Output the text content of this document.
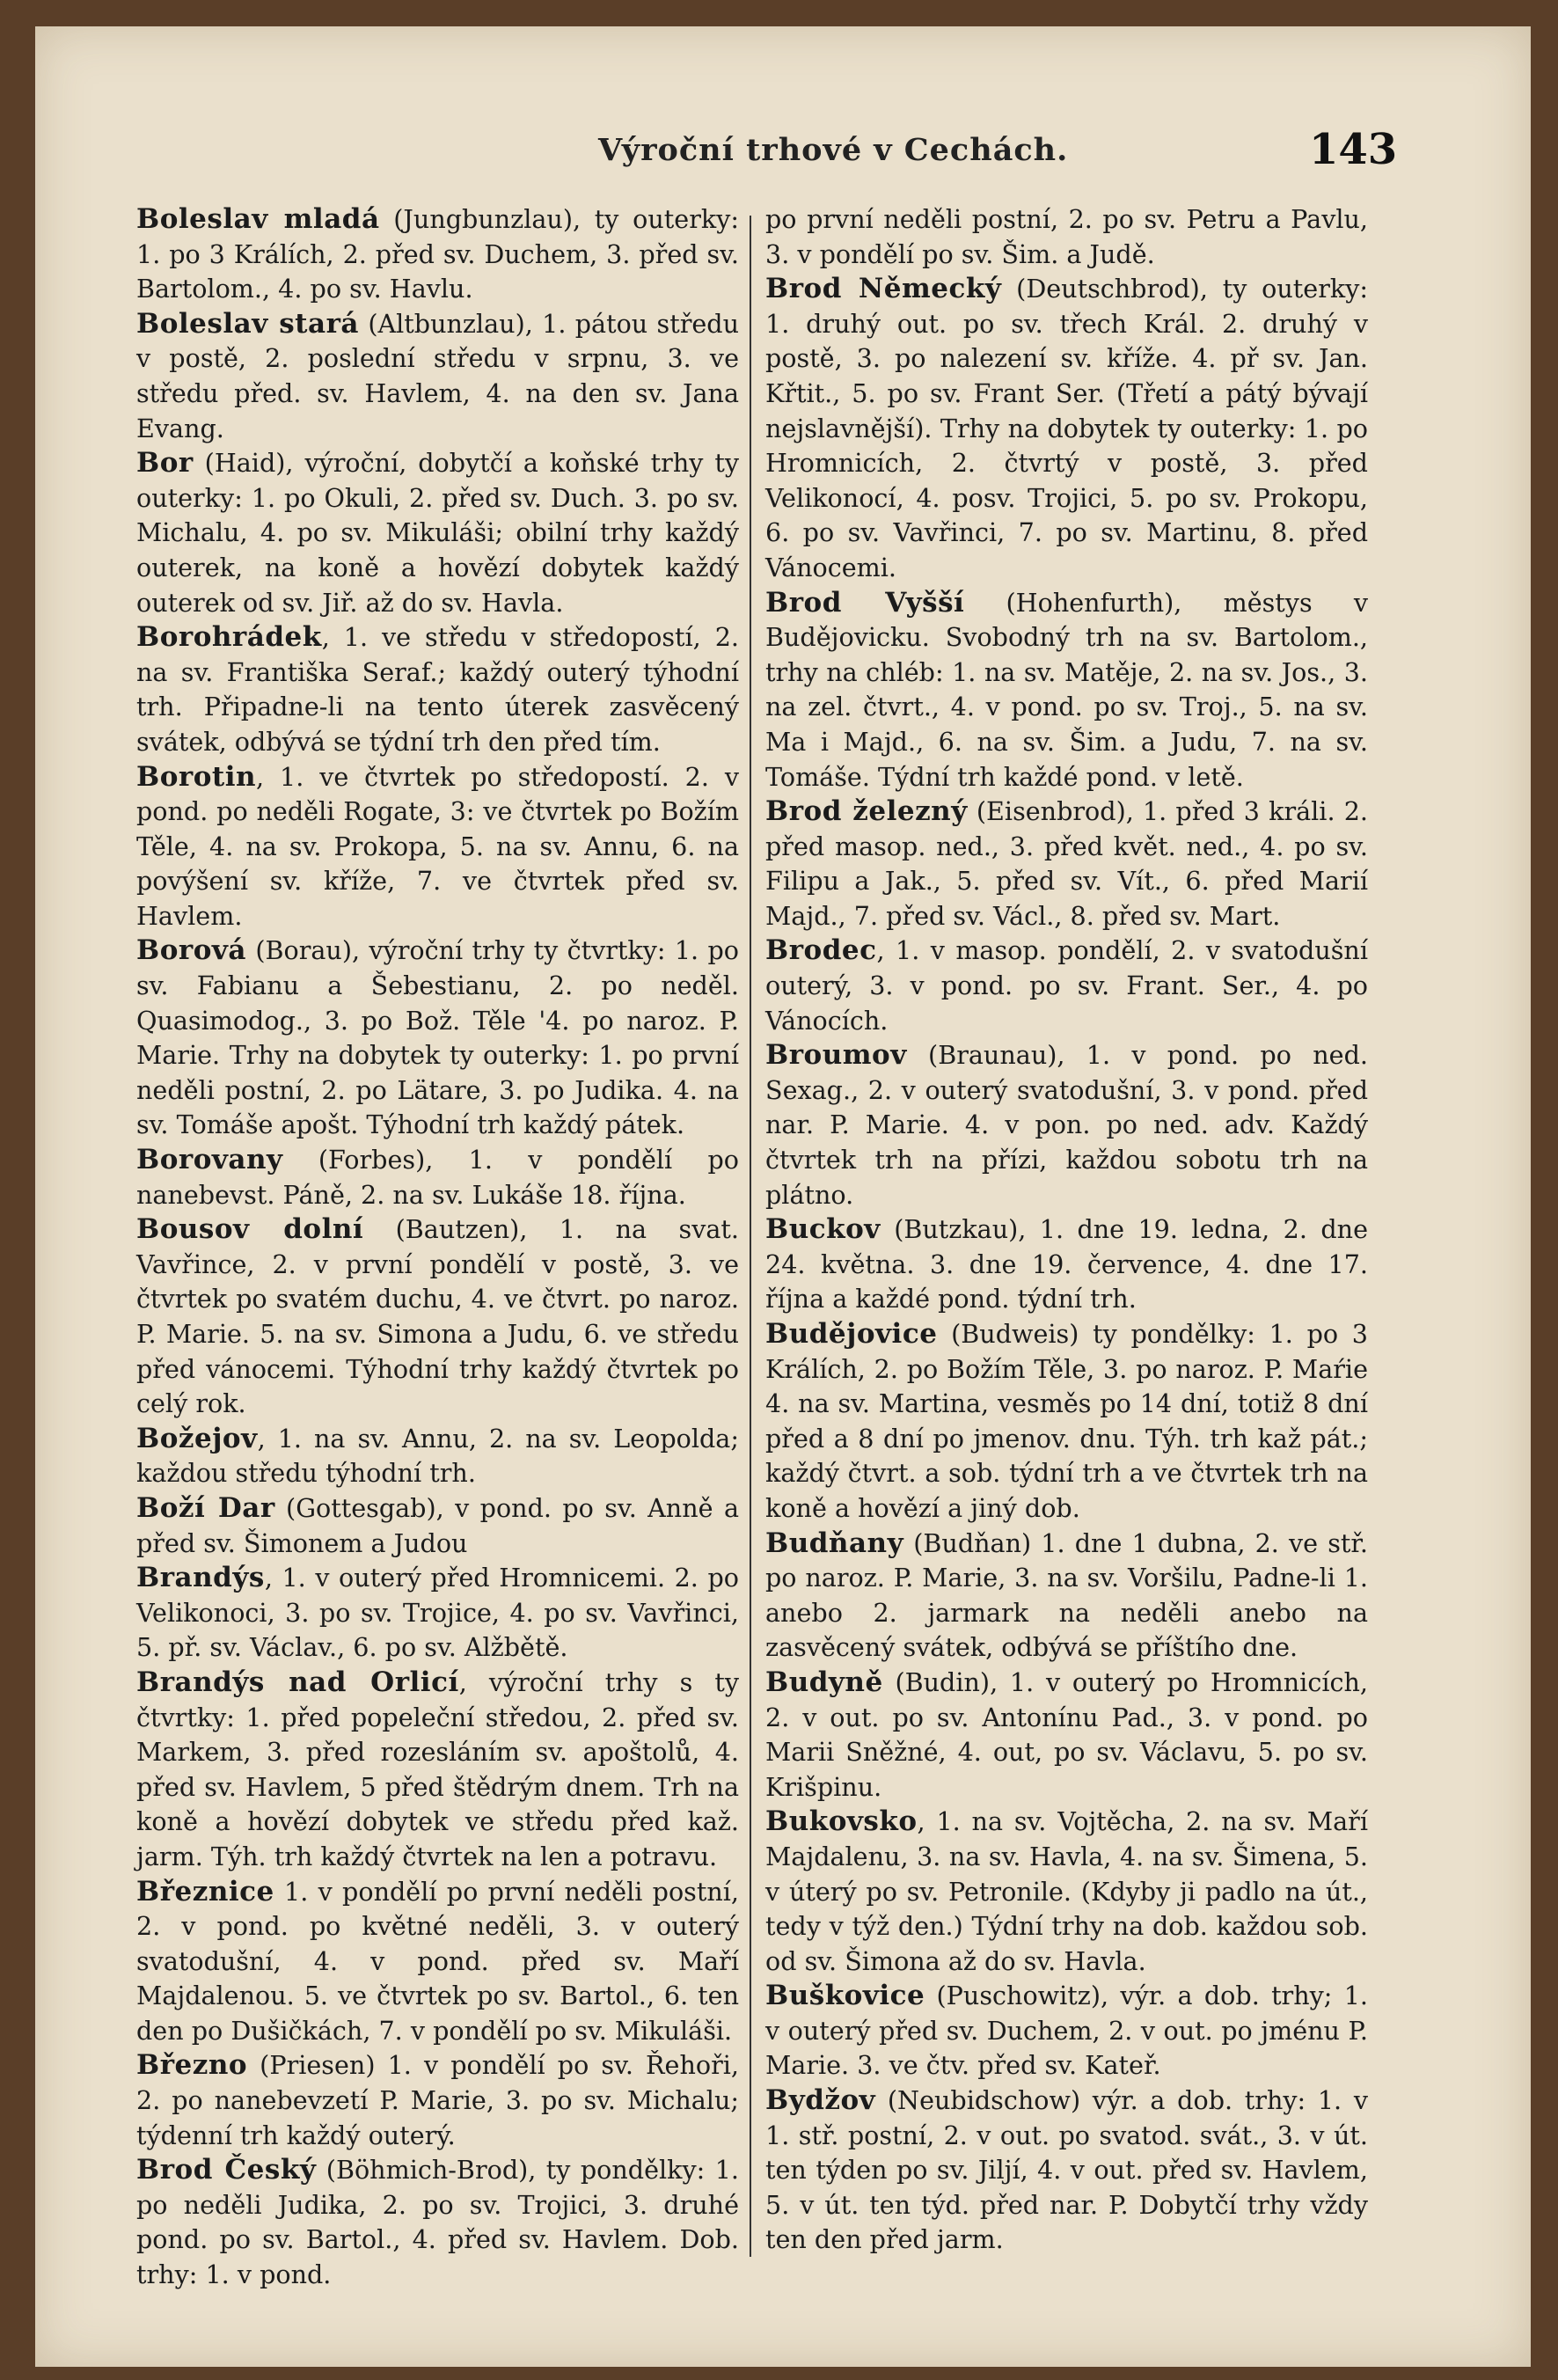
Výroční trhové v Cechách.	143

Boleslav mladá (Jungbunzlau), ty outerky: 1. po 3 Králích, 2. před sv. Duchem, 3. před sv. Bartolom., 4. po sv. Havlu.

Boleslav stará (Altbunzlau), 1. pátou středu v postě, 2. poslední středu v srpnu, 3. ve středu před. sv. Havlem, 4. na den sv. Jana Evang.

Bor (Haid), výroční, dobytčí a koňské trhy ty outerky: 1. po Okuli, 2. před sv. Duch. 3. po sv. Michalu, 4. po sv. Mikuláši; obilní trhy každý outerek, na koně a hovězí dobytek každý outerek od sv. Jiř. až do sv. Havla.

Borohrádek, 1. ve středu v středopostí, 2. na sv. Františka Seraf.; každý outerý týhodní trh. Připadne-li na tento úterek zasvěcený svátek, odbývá se týdní trh den před tím.

Borotin, 1. ve čtvrtek po středopostí. 2. v pond. po neděli Rogate, 3: ve čtvrtek po Božím Těle, 4. na sv. Prokopa, 5. na sv. Annu, 6. na povýšení sv. kříže, 7. ve čtvrtek před sv. Havlem.

Borová (Borau), výroční trhy ty čtvrtky: 1. po sv. Fabianu a Šebestianu, 2. po neděl. Quasimodog., 3. po Bož. Těle '4. po naroz. P. Marie. Trhy na dobytek ty outerky: 1. po první neděli postní, 2. po Lätare, 3. po Judika. 4. na sv. Tomáše apošt. Týhodní trh každý pátek.

Borovany (Forbes), 1. v pondělí po nanebevst. Páně, 2. na sv. Lukáše 18. října.

Bousov dolní (Bautzen), 1. na svat. Vavřince, 2. v první pondělí v postě, 3. ve čtvrtek po svatém duchu, 4. ve čtvrt. po naroz. P. Marie. 5. na sv. Simona a Judu, 6. ve středu před vánocemi. Týhodní trhy každý čtvrtek po celý rok.

Božejov, 1. na sv. Annu, 2. na sv. Leopolda; každou středu týhodní trh.

Boží Dar (Gottesgab), v pond. po sv. Anně a před sv. Šimonem a Judou

Brandýs, 1. v outerý před Hromnicemi. 2. po Velikonoci, 3. po sv. Trojice, 4. po sv. Vavřinci, 5. př. sv. Václav., 6. po sv. Alžbětě.

Brandýs nad Orlicí, výroční trhy s ty čtvrtky: 1. před popeleční středou, 2. před sv. Markem, 3. před rozesláním sv. apoštolů, 4. před sv. Havlem, 5 před štědrým dnem. Trh na koně a hovězí dobytek ve středu před kaž. jarm. Týh. trh každý čtvrtek na len a potravu.

Březnice 1. v pondělí po první neděli postní, 2. v pond. po květné neděli, 3. v outerý svatodušní, 4. v pond. před sv. Maří Majdalenou. 5. ve čtvrtek po sv. Bartol., 6. ten den po Dušičkách, 7. v pondělí po sv. Mikuláši.

Březno (Priesen) 1. v pondělí po sv. Řehoři, 2. po nanebevzetí P. Marie, 3. po sv. Michalu; týdenní trh každý outerý.

Brod Český (Böhmich-Brod), ty pondělky: 1. po neděli Judika, 2. po sv. Trojici, 3. druhé pond. po sv. Bartol., 4. před sv. Havlem. Dob. trhy: 1. v pond.

po první neděli postní, 2. po sv. Petru a Pavlu, 3. v pondělí po sv. Šim. a Judě.

Brod Německý (Deutschbrod), ty outerky: 1. druhý out. po sv. třech Král. 2. druhý v postě, 3. po nalezení sv. kříže. 4. př sv. Jan. Křtit., 5. po sv. Frant Ser. (Třetí a pátý bývají nejslavnější). Trhy na dobytek ty outerky: 1. po Hromnicích, 2. čtvrtý v postě, 3. před Velikonocí, 4. posv. Trojici, 5. po sv. Prokopu, 6. po sv. Vavřinci, 7. po sv. Martinu, 8. před Vánocemi.

Brod Vyšší (Hohenfurth), městys v Budějovicku. Svobodný trh na sv. Bartolom., trhy na chléb: 1. na sv. Matěje, 2. na sv. Jos., 3. na zel. čtvrt., 4. v pond. po sv. Troj., 5. na sv. Ma i Majd., 6. na sv. Šim. a Judu, 7. na sv. Tomáše. Týdní trh každé pond. v letě.

Brod železný (Eisenbrod), 1. před 3 králi. 2. před masop. ned., 3. před květ. ned., 4. po sv. Filipu a Jak., 5. před sv. Vít., 6. před Marií Majd., 7. před sv. Václ., 8. před sv. Mart.

Brodec, 1. v masop. pondělí, 2. v svatodušní outerý, 3. v pond. po sv. Frant. Ser., 4. po Vánocích.

Broumov (Braunau), 1. v pond. po ned. Sexag., 2. v outerý svatodušní, 3. v pond. před nar. P. Marie. 4. v pon. po ned. adv. Každý čtvrtek trh na přízi, každou sobotu trh na plátno.

Buckov (Butzkau), 1. dne 19. ledna, 2. dne 24. května. 3. dne 19. července, 4. dne 17. října a každé pond. týdní trh.

Budějovice (Budweis) ty pondělky: 1. po 3 Králích, 2. po Božím Těle, 3. po naroz. P. Maŕie 4. na sv. Martina, vesměs po 14 dní, totiž 8 dní před a 8 dní po jmenov. dnu. Týh. trh kaž pát.; každý čtvrt. a sob. týdní trh a ve čtvrtek trh na koně a hovězí a jiný dob.

Budňany (Budňan) 1. dne 1 dubna, 2. ve stř. po naroz. P. Marie, 3. na sv. Voršilu, Padne-li 1. anebo 2. jarmark na neděli anebo na zasvěcený svátek, odbývá se příštího dne.

Budyně (Budin), 1. v outerý po Hromnicích, 2. v out. po sv. Antonínu Pad., 3. v pond. po Marii Sněžné, 4. out, po sv. Václavu, 5. po sv. Krišpinu.

Bukovsko, 1. na sv. Vojtěcha, 2. na sv. Maří Majdalenu, 3. na sv. Havla, 4. na sv. Šimena, 5. v úterý po sv. Petronile. (Kdyby ji padlo na út., tedy v týž den.) Týdní trhy na dob. každou sob. od sv. Šimona až do sv. Havla.

Buškovice (Puschowitz), výr. a dob. trhy; 1. v outerý před sv. Duchem, 2. v out. po jménu P. Marie. 3. ve čtv. před sv. Kateř.

Bydžov (Neubidschow) výr. a dob. trhy: 1. v 1. stř. postní, 2. v out. po svatod. svát., 3. v út. ten týden po sv. Jiljí, 4. v out. před sv. Havlem, 5. v út. ten týd. před nar. P. Dobytčí trhy vždy ten den před jarm.
